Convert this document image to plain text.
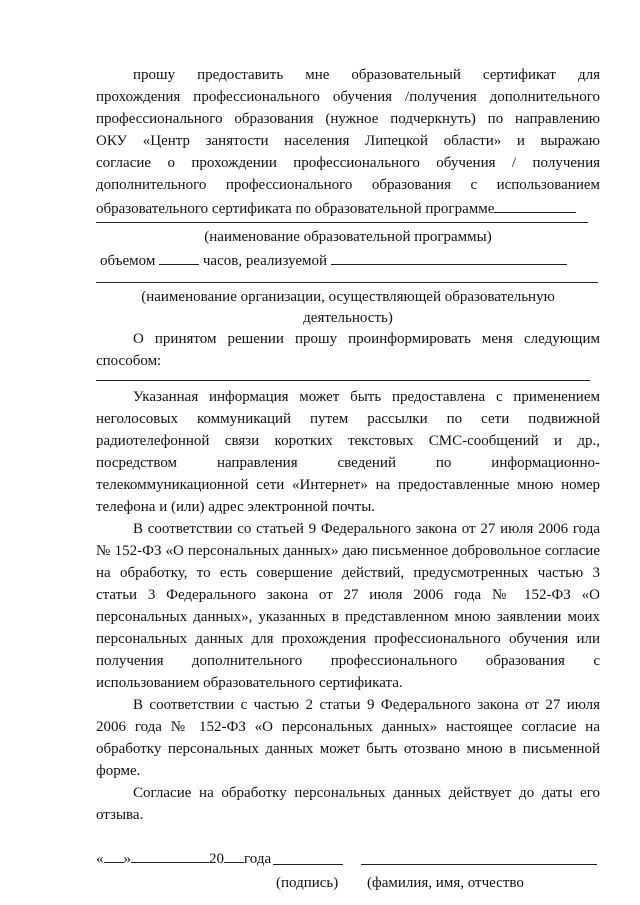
прошу предоставить мне образовательный сертификат для
прохождения профессионального обучения /получения дополнительного
профессионального образования (нужное подчеркнуть) по направлению
ОКУ «Центр занятости населения Липецкой области» и выражаю
согласие о прохождении профессионального обучения / получения
дополнительного профессионального образования с использованием
образовательного сертификата по образовательной программе
(наименование образовательной программы)
объемом	часов, реализуемой
(наименование организации, осуществляющей образовательную
деятельность)
О принятом решении прошу проинформировать меня следующим
способом:
Указанная информация может быть предоставлена с применением
неголосовых коммуникаций путем рассылки по сети подвижной
радиотелефонной связи коротких текстовых СМС-сообщений и др.,
посредством направления сведений по информационно-
телекоммуникационной сети «Интернет» на предоставленные мною номер
телефона и (или) адрес электронной почты.
В соответствии со статьей 9 Федерального закона от 27 июля 2006 года
№ 152-ФЗ «О персональных данных» даю письменное добровольное согласие
на обработку, то есть совершение действий, предусмотренных частью 3
статьи 3 Федерального закона от 27 июля 2006 года № 152-ФЗ «О
персональных данных», указанных в представленном мною заявлении моих
персональных данных для прохождения профессионального обучения или
получения дополнительного профессионального образования с
использованием образовательного сертификата.
В соответствии с частью 2 статьи 9 Федерального закона от 27 июля
2006 года № 152-ФЗ «О персональных данных» настоящее согласие на
обработку персональных данных может быть отозвано мною в письменной
форме.
Согласие на обработку персональных данных действует до даты его
отзыва.
« »	20 года
(подпись)	(фамилия, имя, отчество
